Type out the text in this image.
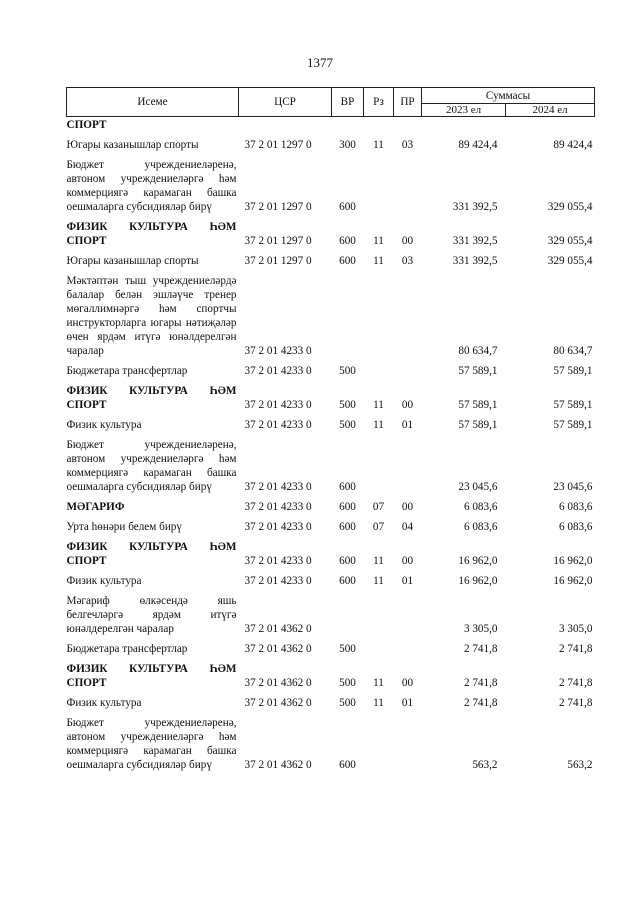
1377
Исеме	ЦСР	ВР	Рз	ПР	Суммасы	
					2023 ел	2024 ел
СПОРТ						
Югары казанышлар спорты	37 2 01 1297 0	300	11	03	89 424,4	89 424,4
Бюджет учреждениеләренә, автоном учреждениеләргә һәм коммерциягә карамаган башка оешмаларга субсидияләр бирү	37 2 01 1297 0	600			331 392,5	329 055,4
ФИЗИК КУЛЬТУРА ҺӘМ СПОРТ	37 2 01 1297 0	600	11	00	331 392,5	329 055,4
Югары казанышлар спорты	37 2 01 1297 0	600	11	03	331 392,5	329 055,4
Мәктәптән тыш учреждениеләрдә балалар белән эшләүче тренер мөгаллимнәргә һәм спортчы инструкторларга югары нәтиҗәләр өчен ярдәм итүгә юнәлдерелгән чаралар	37 2 01 4233 0				80 634,7	80 634,7
Бюджетара трансфертлар	37 2 01 4233 0	500			57 589,1	57 589,1
ФИЗИК КУЛЬТУРА ҺӘМ СПОРТ	37 2 01 4233 0	500	11	00	57 589,1	57 589,1
Физик культура	37 2 01 4233 0	500	11	01	57 589,1	57 589,1
Бюджет учреждениеләренә, автоном учреждениеләргә һәм коммерциягә карамаган башка оешмаларга субсидияләр бирү	37 2 01 4233 0	600			23 045,6	23 045,6
МӘГАРИФ	37 2 01 4233 0	600	07	00	6 083,6	6 083,6
Урта һөнәри белем бирү	37 2 01 4233 0	600	07	04	6 083,6	6 083,6
ФИЗИК КУЛЬТУРА ҺӘМ СПОРТ	37 2 01 4233 0	600	11	00	16 962,0	16 962,0
Физик культура	37 2 01 4233 0	600	11	01	16 962,0	16 962,0
Мәгариф өлкәсендә яшь белгечләргә ярдәм итүгә юнәлдерелгән чаралар	37 2 01 4362 0				3 305,0	3 305,0
Бюджетара трансфертлар	37 2 01 4362 0	500			2 741,8	2 741,8
ФИЗИК КУЛЬТУРА ҺӘМ СПОРТ	37 2 01 4362 0	500	11	00	2 741,8	2 741,8
Физик культура	37 2 01 4362 0	500	11	01	2 741,8	2 741,8
Бюджет учреждениеләренә, автоном учреждениеләргә һәм коммерциягә карамаган башка оешмаларга субсидияләр бирү	37 2 01 4362 0	600			563,2	563,2
